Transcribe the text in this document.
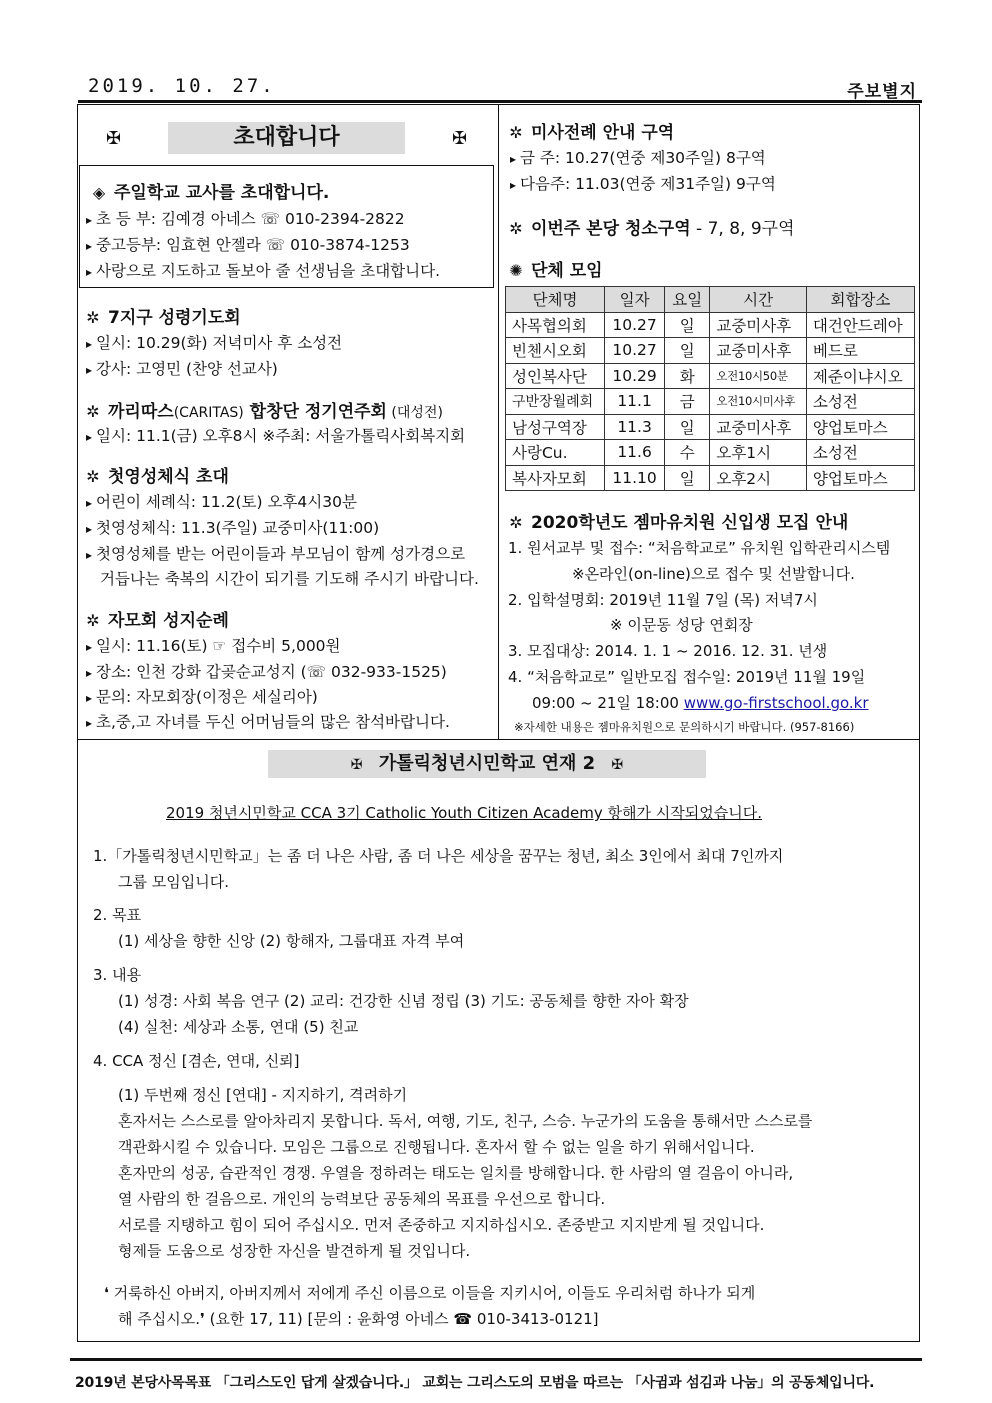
2019. 10. 27.	주보별지
✠	초대합니다	✠
◈ 주일학교 교사를 초대합니다.
▸ 초 등 부: 김예경 아네스 ☏ 010-2394-2822
▸ 중고등부: 임효현 안젤라 ☏ 010-3874-1253
▸ 사랑으로 지도하고 돌보아 줄 선생님을 초대합니다.
✲ 7지구 성령기도회
▸ 일시: 10.29(화) 저녁미사 후 소성전
▸ 강사: 고영민 (찬양 선교사)
✲ 까리따스(CARITAS) 합창단 정기연주회 (대성전)
▸ 일시: 11.1(금) 오후8시 ※주최: 서울가톨릭사회복지회
✲ 첫영성체식 초대
▸ 어린이 세례식: 11.2(토) 오후4시30분
▸ 첫영성체식: 11.3(주일) 교중미사(11:00)
▸ 첫영성체를 받는 어린이들과 부모님이 함께 성가경으로
거듭나는 축복의 시간이 되기를 기도해 주시기 바랍니다.
✲ 자모회 성지순례
▸ 일시: 11.16(토) ☞ 접수비 5,000원
▸ 장소: 인천 강화 갑곶순교성지 (☏ 032-933-1525)
▸ 문의: 자모회장(이정은 세실리아)
▸ 초,중,고 자녀를 두신 어머님들의 많은 참석바랍니다.
✲ 미사전례 안내 구역
▸ 금 주: 10.27(연중 제30주일) 8구역
▸ 다음주: 11.03(연중 제31주일) 9구역
✲ 이번주 본당 청소구역 - 7, 8, 9구역
✺ 단체 모임
단체명	일자	요일	시간	회합장소
사목협의회	10.27	일	교중미사후	대건안드레아
빈첸시오회	10.27	일	교중미사후	베드로
성인복사단	10.29	화	오전10시50분	제준이냐시오
구반장월례회	11.1	금	오전10시미사후	소성전
남성구역장	11.3	일	교중미사후	양업토마스
사랑Cu.	11.6	수	오후1시	소성전
복사자모회	11.10	일	오후2시	양업토마스
✲ 2020학년도 젬마유치원 신입생 모집 안내
1. 원서교부 및 접수: “처음학교로” 유치원 입학관리시스템
※온라인(on-line)으로 접수 및 선발합니다.
2. 입학설명회: 2019년 11월 7일 (목) 저녁7시
※ 이문동 성당 연회장
3. 모집대상: 2014. 1. 1 ~ 2016. 12. 31. 년생
4. “처음학교로” 일반모집 접수일: 2019년 11월 19일
09:00 ~ 21일 18:00 www.go-firstschool.go.kr
※자세한 내용은 젬마유치원으로 문의하시기 바랍니다. (957-8166)
✠ 가톨릭청년시민학교 연재 2 ✠
2019 청년시민학교 CCA 3기 Catholic Youth Citizen Academy 항해가 시작되었습니다.
1.「가톨릭청년시민학교」는 좀 더 나은 사람, 좀 더 나은 세상을 꿈꾸는 청년, 최소 3인에서 최대 7인까지
그룹 모임입니다.
2. 목표
(1) 세상을 향한 신앙 (2) 항해자, 그룹대표 자격 부여
3. 내용
(1) 성경: 사회 복음 연구 (2) 교리: 건강한 신념 정립 (3) 기도: 공동체를 향한 자아 확장
(4) 실천: 세상과 소통, 연대 (5) 친교
4. CCA 정신 [겸손, 연대, 신뢰]
(1) 두번째 정신 [연대] - 지지하기, 격려하기
혼자서는 스스로를 알아차리지 못합니다. 독서, 여행, 기도, 친구, 스승. 누군가의 도움을 통해서만 스스로를
객관화시킬 수 있습니다. 모임은 그룹으로 진행됩니다. 혼자서 할 수 없는 일을 하기 위해서입니다.
혼자만의 성공, 습관적인 경쟁. 우열을 정하려는 태도는 일치를 방해합니다. 한 사람의 열 걸음이 아니라,
열 사람의 한 걸음으로. 개인의 능력보단 공동체의 목표를 우선으로 합니다.
서로를 지탱하고 힘이 되어 주십시오. 먼저 존중하고 지지하십시오. 존중받고 지지받게 될 것입니다.
형제들 도움으로 성장한 자신을 발견하게 될 것입니다.
❛ 거룩하신 아버지, 아버지께서 저에게 주신 이름으로 이들을 지키시어, 이들도 우리처럼 하나가 되게
해 주십시오.❜ (요한 17, 11) [문의 : 윤화영 아네스 ☎ 010-3413-0121]
2019년 본당사목목표 「그리스도인 답게 살겠습니다.」 교회는 그리스도의 모범을 따르는 「사귐과 섬김과 나눔」의 공동체입니다.
